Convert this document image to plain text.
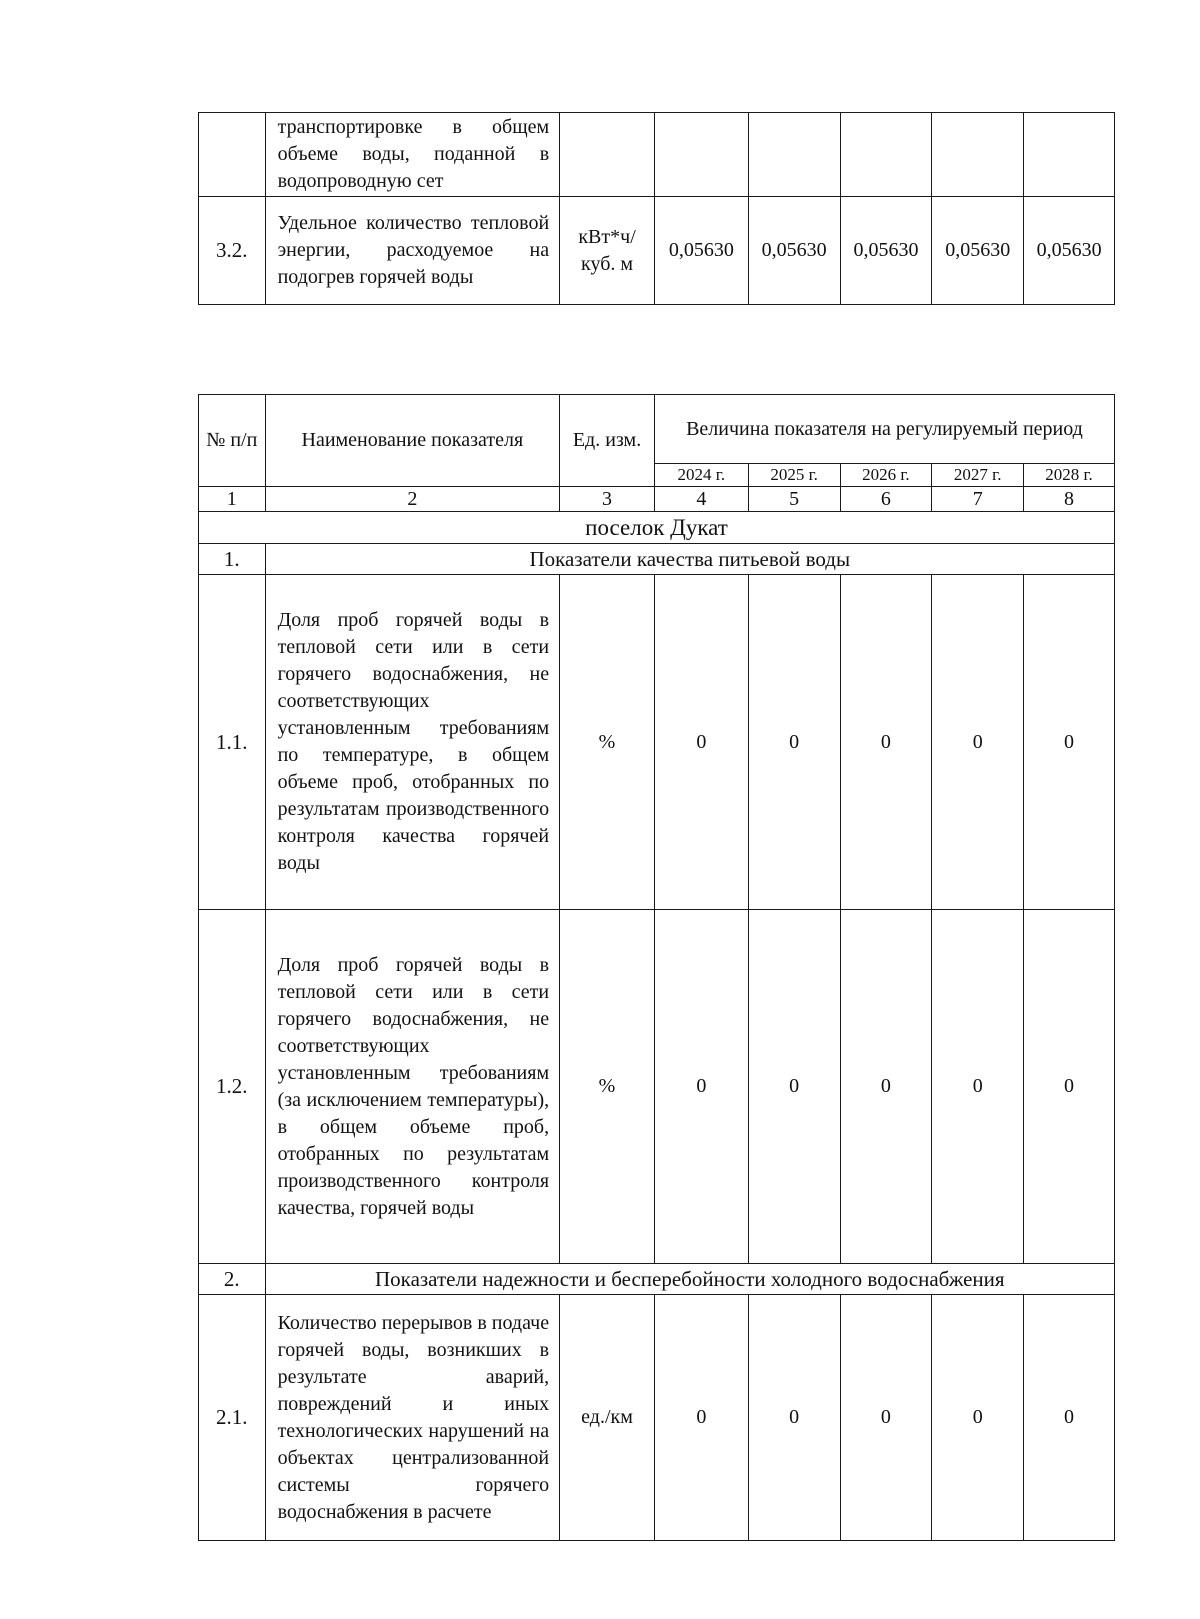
	транспортировке в общем объеме воды, поданной в водопроводную сет						
3.2.	Удельное количество тепловой энергии, расходуемое на подогрев горячей воды	кВт*ч/ куб. м	0,05630	0,05630	0,05630	0,05630	0,05630
№ п/п	Наименование показателя	Ед. изм.	Величина показателя на регулируемый период				
			2024 г.	2025 г.	2026 г.	2027 г.	2028 г.
1	2	3	4	5	6	7	8
поселок Дукат							
1.	Показатели качества питьевой воды						
1.1.	Доля проб горячей воды в тепловой сети или в сети горячего водоснабжения, не соответствующих установленным требованиям по температуре, в общем объеме проб, отобранных по результатам производственного контроля качества горячей воды	%	0	0	0	0	0
1.2.	Доля проб горячей воды в тепловой сети или в сети горячего водоснабжения, не соответствующих установленным требованиям (за исключением температуры), в общем объеме проб, отобранных по результатам производственного контроля качества, горячей воды	%	0	0	0	0	0
2.	Показатели надежности и бесперебойности холодного водоснабжения						
2.1.	Количество перерывов в подаче горячей воды, возникших в результате аварий, повреждений и иных технологических нарушений на объектах централизованной системы горячего водоснабжения в расчете	ед./км	0	0	0	0	0
